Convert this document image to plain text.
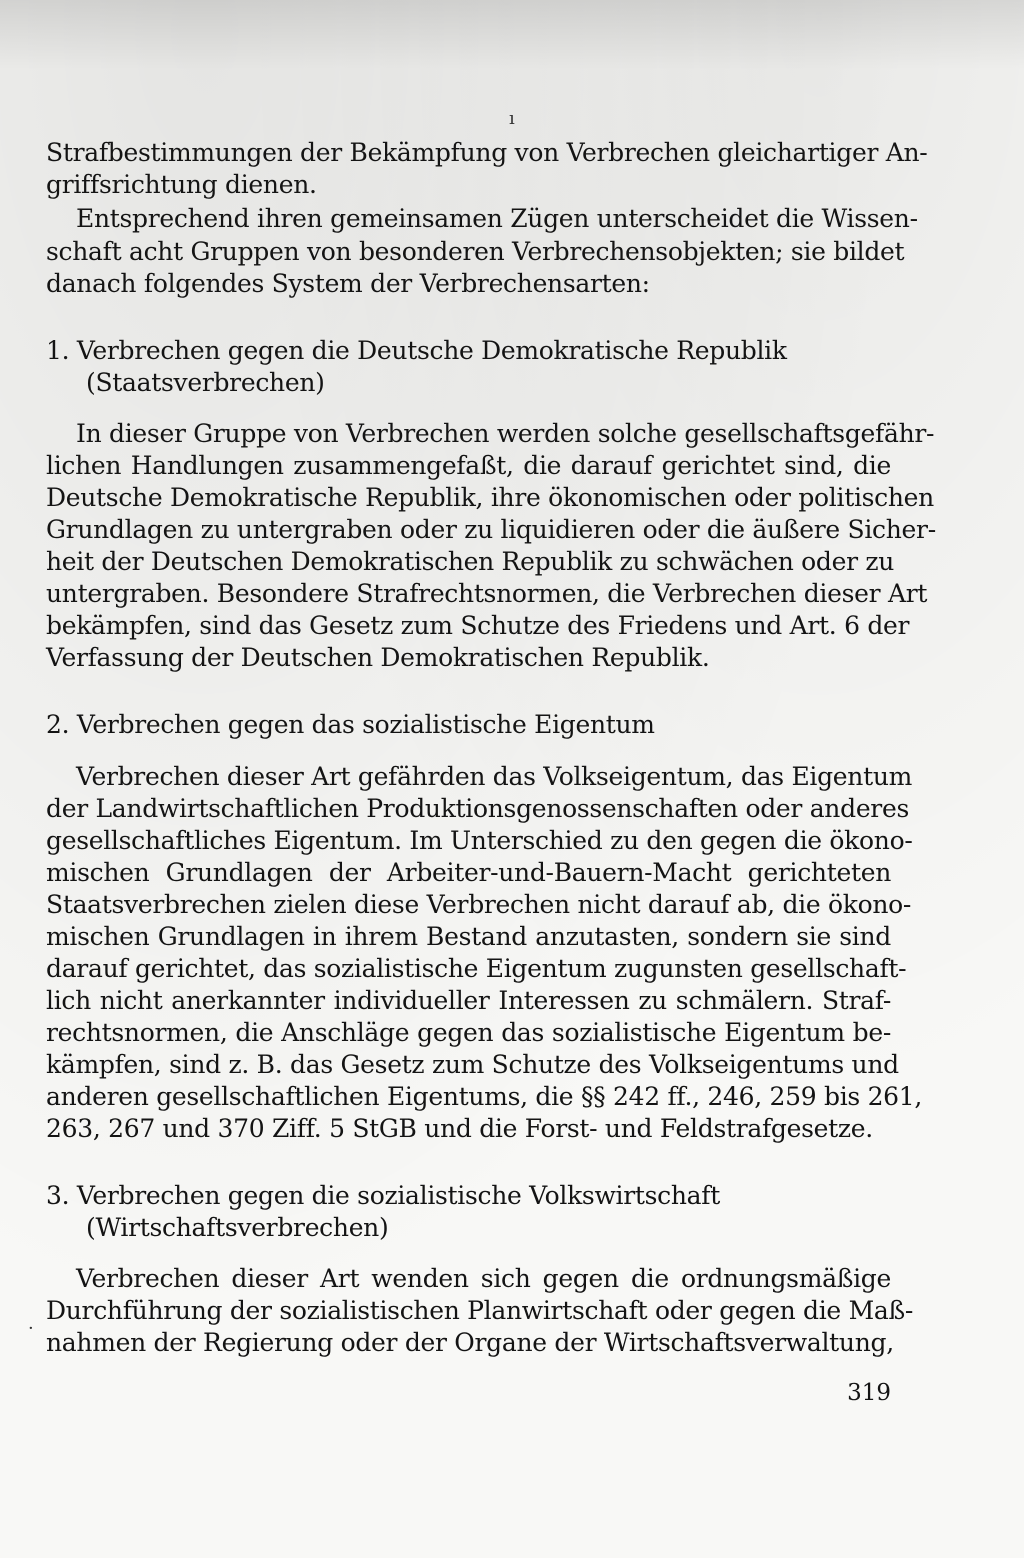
ı
·
Strafbestimmungen der Bekämpfung von Verbrechen gleichartiger An-
griffsrichtung dienen.
Entsprechend ihren gemeinsamen Zügen unterscheidet die Wissen-
schaft acht Gruppen von besonderen Verbrechensobjekten; sie bildet
danach folgendes System der Verbrechensarten:
1. Verbrechen gegen die Deutsche Demokratische Republik
(Staatsverbrechen)
In dieser Gruppe von Verbrechen werden solche gesellschaftsgefähr-
lichen Handlungen zusammengefaßt, die darauf gerichtet sind, die
Deutsche Demokratische Republik, ihre ökonomischen oder politischen
Grundlagen zu untergraben oder zu liquidieren oder die äußere Sicher-
heit der Deutschen Demokratischen Republik zu schwächen oder zu
untergraben. Besondere Strafrechtsnormen, die Verbrechen dieser Art
bekämpfen, sind das Gesetz zum Schutze des Friedens und Art. 6 der
Verfassung der Deutschen Demokratischen Republik.
2. Verbrechen gegen das sozialistische Eigentum
Verbrechen dieser Art gefährden das Volkseigentum, das Eigentum
der Landwirtschaftlichen Produktionsgenossenschaften oder anderes
gesellschaftliches Eigentum. Im Unterschied zu den gegen die ökono-
mischen Grundlagen der Arbeiter-und-Bauern-Macht gerichteten
Staatsverbrechen zielen diese Verbrechen nicht darauf ab, die ökono-
mischen Grundlagen in ihrem Bestand anzutasten, sondern sie sind
darauf gerichtet, das sozialistische Eigentum zugunsten gesellschaft-
lich nicht anerkannter individueller Interessen zu schmälern. Straf-
rechtsnormen, die Anschläge gegen das sozialistische Eigentum be-
kämpfen, sind z. B. das Gesetz zum Schutze des Volkseigentums und
anderen gesellschaftlichen Eigentums, die §§ 242 ff., 246, 259 bis 261,
263, 267 und 370 Ziff. 5 StGB und die Forst- und Feldstrafgesetze.
3. Verbrechen gegen die sozialistische Volkswirtschaft
(Wirtschaftsverbrechen)
Verbrechen dieser Art wenden sich gegen die ordnungsmäßige
Durchführung der sozialistischen Planwirtschaft oder gegen die Maß-
nahmen der Regierung oder der Organe der Wirtschaftsverwaltung,
319
